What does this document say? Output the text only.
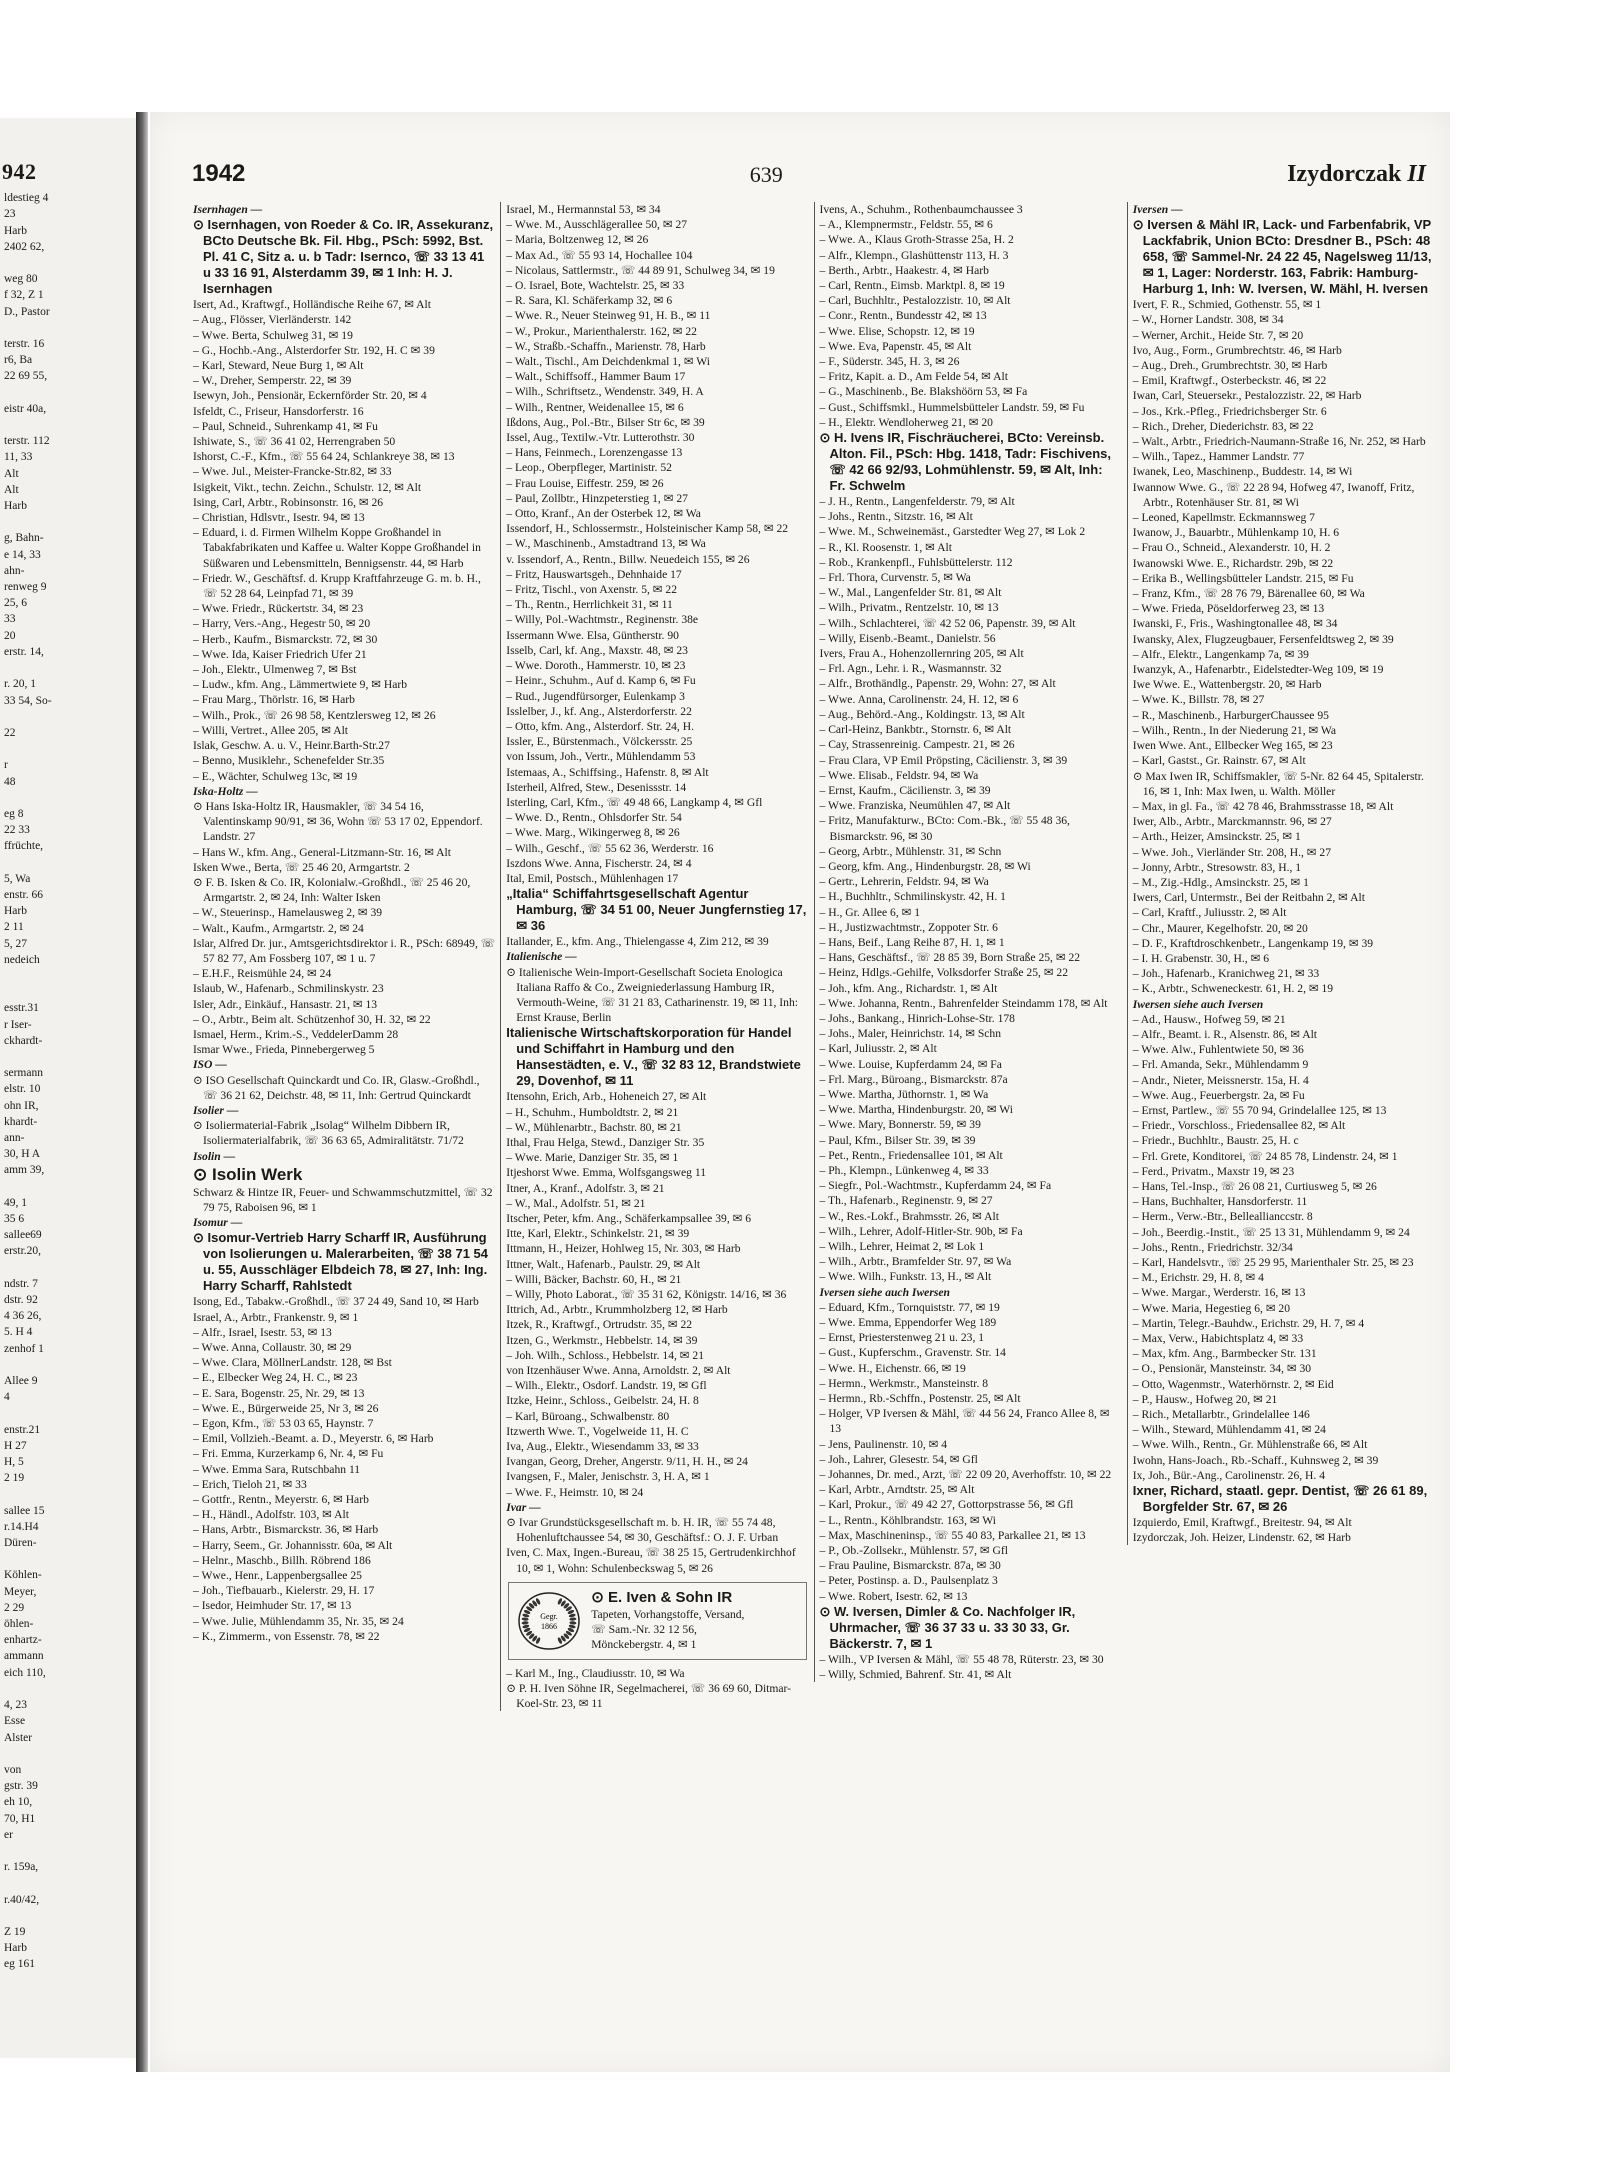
942
ldestieg 4
23
Harb
2402 62,

weg 80
f 32, Z 1
D., Pastor

terstr. 16
r6, Ba
22 69 55,

eistr 40a,

terstr. 112
11, 33
Alt
Alt
Harb

g, Bahn-
e 14, 33
ahn-
renweg 9
25, 6
33
20
erstr. 14,

r. 20, 1
33 54, So-

22

r
48

eg 8
22 33
ffrüchte,

5, Wa
enstr. 66
Harb
2 11
5, 27
nedeich

esstr.31
r Iser-
ckhardt-

sermann
elstr. 10
ohn IR,
khardt-
ann-
30, H A
amm 39,

49, 1
35 6
sallee69
erstr.20,

ndstr. 7
dstr. 92
4 36 26,
5. H 4
zenhof 1

Allee 9
4

enstr.21
H 27
H, 5
2 19

sallee 15
r.14.H4
Düren-

Köhlen-
Meyer,
2 29
öhlen-
enhartz-
ammann
eich 110,

4, 23
Esse
Alster

von
gstr. 39
eh 10,
70, H1
er

r. 159a,

r.40/42,

Z 19
Harb
eg 161
1942	639	Izydorczak II

Isernhagen —

⊙ Isernhagen, von Roeder & Co. IR, Assekuranz, BCto Deutsche Bk. Fil. Hbg., PSch: 5992, Bst. Pl. 41 C, Sitz a. u. b Tadr: Isernco, ☏ 33 13 41 u 33 16 91, Alsterdamm 39, ✉ 1 Inh: H. J. Isernhagen

Isert, Ad., Kraftwgf., Holländische Reihe 67, ✉ Alt

– Aug., Flösser, Vierländerstr. 142

– Wwe. Berta, Schulweg 31, ✉ 19

– G., Hochb.-Ang., Alsterdorfer Str. 192, H. C ✉ 39

– Karl, Steward, Neue Burg 1, ✉ Alt

– W., Dreher, Semperstr. 22, ✉ 39

Isewyn, Joh., Pensionär, Eckernförder Str. 20, ✉ 4

Isfeldt, C., Friseur, Hansdorferstr. 16

– Paul, Schneid., Suhrenkamp 41, ✉ Fu

Ishiwate, S., ☏ 36 41 02, Herrengraben 50

Ishorst, C.-F., Kfm., ☏ 55 64 24, Schlankreye 38, ✉ 13

– Wwe. Jul., Meister-Francke-Str.82, ✉ 33

Isigkeit, Vikt., techn. Zeichn., Schulstr. 12, ✉ Alt

Ising, Carl, Arbtr., Robinsonstr. 16, ✉ 26

– Christian, Hdlsvtr., Isestr. 94, ✉ 13

– Eduard, i. d. Firmen Wilhelm Koppe Großhandel in Tabakfabrikaten und Kaffee u. Walter Koppe Großhandel in Süßwaren und Lebensmitteln, Bennigsenstr. 44, ✉ Harb

– Friedr. W., Geschäftsf. d. Krupp Kraftfahrzeuge G. m. b. H., ☏ 52 28 64, Leinpfad 71, ✉ 39

– Wwe. Friedr., Rückertstr. 34, ✉ 23

– Harry, Vers.-Ang., Hegestr 50, ✉ 20

– Herb., Kaufm., Bismarckstr. 72, ✉ 30

– Wwe. Ida, Kaiser Friedrich Ufer 21

– Joh., Elektr., Ulmenweg 7, ✉ Bst

– Ludw., kfm. Ang., Lämmertwiete 9, ✉ Harb

– Frau Marg., Thörlstr. 16, ✉ Harb

– Wilh., Prok., ☏ 26 98 58, Kentzlersweg 12, ✉ 26

– Willi, Vertret., Allee 205, ✉ Alt

Islak, Geschw. A. u. V., Heinr.Barth-Str.27

– Benno, Musiklehr., Schenefelder Str.35

– E., Wächter, Schulweg 13c, ✉ 19

Iska-Holtz —

⊙ Hans Iska-Holtz IR, Hausmakler, ☏ 34 54 16, Valentinskamp 90/91, ✉ 36, Wohn ☏ 53 17 02, Eppendorf. Landstr. 27

– Hans W., kfm. Ang., General-Litzmann-Str. 16, ✉ Alt

Isken Wwe., Berta, ☏ 25 46 20, Armgartstr. 2

⊙ F. B. Isken & Co. IR, Kolonialw.-Großhdl., ☏ 25 46 20, Armgartstr. 2, ✉ 24, Inh: Walter Isken

– W., Steuerinsp., Hamelausweg 2, ✉ 39

– Walt., Kaufm., Armgartstr. 2, ✉ 24

Islar, Alfred Dr. jur., Amtsgerichtsdirektor i. R., PSch: 68949, ☏ 57 82 77, Am Fossberg 107, ✉ 1 u. 7

– E.H.F., Reismühle 24, ✉ 24

Islaub, W., Hafenarb., Schmilinskystr. 23

Isler, Adr., Einkäuf., Hansastr. 21, ✉ 13

– O., Arbtr., Beim alt. Schützenhof 30, H. 32, ✉ 22

Ismael, Herm., Krim.-S., VeddelerDamm 28

Ismar Wwe., Frieda, Pinnebergerweg 5

ISO —

⊙ ISO Gesellschaft Quinckardt und Co. IR, Glasw.-Großhdl., ☏ 36 21 62, Deichstr. 48, ✉ 11, Inh: Gertrud Quinckardt

Isolier —

⊙ Isoliermaterial-Fabrik „Isolag“ Wilhelm Dibbern IR, Isoliermaterialfabrik, ☏ 36 63 65, Admiralitätstr. 71/72

Isolin —

⊙ Isolin Werk

Schwarz & Hintze IR, Feuer- und Schwammschutzmittel, ☏ 32 79 75, Raboisen 96, ✉ 1

Isomur —

⊙ Isomur-Vertrieb Harry Scharff IR, Ausführung von Isolierungen u. Malerarbeiten, ☏ 38 71 54 u. 55, Ausschläger Elbdeich 78, ✉ 27, Inh: Ing. Harry Scharff, Rahlstedt

Isong, Ed., Tabakw.-Großhdl., ☏ 37 24 49, Sand 10, ✉ Harb

Israel, A., Arbtr., Frankenstr. 9, ✉ 1

– Alfr., Israel, Isestr. 53, ✉ 13

– Wwe. Anna, Collaustr. 30, ✉ 29

– Wwe. Clara, MöllnerLandstr. 128, ✉ Bst

– E., Elbecker Weg 24, H. C., ✉ 23

– E. Sara, Bogenstr. 25, Nr. 29, ✉ 13

– Wwe. E., Bürgerweide 25, Nr 3, ✉ 26

– Egon, Kfm., ☏ 53 03 65, Haynstr. 7

– Emil, Vollzieh.-Beamt. a. D., Meyerstr. 6, ✉ Harb

– Fri. Emma, Kurzerkamp 6, Nr. 4, ✉ Fu

– Wwe. Emma Sara, Rutschbahn 11

– Erich, Tieloh 21, ✉ 33

– Gottfr., Rentn., Meyerstr. 6, ✉ Harb

– H., Händl., Adolfstr. 103, ✉ Alt

– Hans, Arbtr., Bismarckstr. 36, ✉ Harb

– Harry, Seem., Gr. Johannisstr. 60a, ✉ Alt

– Helnr., Maschb., Billh. Röbrend 186

– Wwe., Henr., Lappenbergsallee 25

– Joh., Tiefbauarb., Kielerstr. 29, H. 17

– Isedor, Heimhuder Str. 17, ✉ 13

– Wwe. Julie, Mühlendamm 35, Nr. 35, ✉ 24

– K., Zimmerm., von Essenstr. 78, ✉ 22

Israel, M., Hermannstal 53, ✉ 34

– Wwe. M., Ausschlägerallee 50, ✉ 27

– Maria, Boltzenweg 12, ✉ 26

– Max Ad., ☏ 55 93 14, Hochallee 104

– Nicolaus, Sattlermstr., ☏ 44 89 91, Schulweg 34, ✉ 19

– O. Israel, Bote, Wachtelstr. 25, ✉ 33

– R. Sara, Kl. Schäferkamp 32, ✉ 6

– Wwe. R., Neuer Steinweg 91, H. B., ✉ 11

– W., Prokur., Marienthalerstr. 162, ✉ 22

– W., Straßb.-Schaffn., Marienstr. 78, Harb

– Walt., Tischl., Am Deichdenkmal 1, ✉ Wi

– Walt., Schiffsoff., Hammer Baum 17

– Wilh., Schriftsetz., Wendenstr. 349, H. A

– Wilh., Rentner, Weidenallee 15, ✉ 6

Ißdons, Aug., Pol.-Btr., Bilser Str 6c, ✉ 39

Issel, Aug., Textilw.-Vtr. Lutterothstr. 30

– Hans, Feinmech., Lorenzengasse 13

– Leop., Oberpfleger, Martinistr. 52

– Frau Louise, Eiffestr. 259, ✉ 26

– Paul, Zollbtr., Hinzpeterstieg 1, ✉ 27

– Otto, Kranf., An der Osterbek 12, ✉ Wa

Issendorf, H., Schlossermstr., Holsteinischer Kamp 58, ✉ 22

– W., Maschinenb., Amstadtrand 13, ✉ Wa

v. Issendorf, A., Rentn., Billw. Neuedeich 155, ✉ 26

– Fritz, Hauswartsgeh., Dehnhaide 17

– Fritz, Tischl., von Axenstr. 5, ✉ 22

– Th., Rentn., Herrlichkeit 31, ✉ 11

– Willy, Pol.-Wachtmstr., Reginenstr. 38e

Issermann Wwe. Elsa, Güntherstr. 90

Isselb, Carl, kf. Ang., Maxstr. 48, ✉ 23

– Wwe. Doroth., Hammerstr. 10, ✉ 23

– Heinr., Schuhm., Auf d. Kamp 6, ✉ Fu

– Rud., Jugendfürsorger, Eulenkamp 3

Isslelber, J., kf. Ang., Alsterdorferstr. 22

– Otto, kfm. Ang., Alsterdorf. Str. 24, H.

Issler, E., Bürstenmach., Völckersstr. 25

von Issum, Joh., Vertr., Mühlendamm 53

Istemaas, A., Schiffsing., Hafenstr. 8, ✉ Alt

Isterheil, Alfred, Stew., Desenissstr. 14

Isterling, Carl, Kfm., ☏ 49 48 66, Langkamp 4, ✉ Gfl

– Wwe. D., Rentn., Ohlsdorfer Str. 54

– Wwe. Marg., Wikingerweg 8, ✉ 26

– Wilh., Geschf., ☏ 55 62 36, Werderstr. 16

Iszdons Wwe. Anna, Fischerstr. 24, ✉ 4

Ital, Emil, Postsch., Mühlenhagen 17

„Italia“ Schiffahrtsgesellschaft Agentur Hamburg, ☏ 34 51 00, Neuer Jungfernstieg 17, ✉ 36

Itallander, E., kfm. Ang., Thielengasse 4, Zim 212, ✉ 39

Italienische —

⊙ Italienische Wein-Import-Gesellschaft Societa Enologica Italiana Raffo & Co., Zweigniederlassung Hamburg IR, Vermouth-Weine, ☏ 31 21 83, Catharinenstr. 19, ✉ 11, Inh: Ernst Krause, Berlin

Italienische Wirtschaftskorporation für Handel und Schiffahrt in Hamburg und den Hansestädten, e. V., ☏ 32 83 12, Brandstwiete 29, Dovenhof, ✉ 11

Itensohn, Erich, Arb., Hoheneich 27, ✉ Alt

– H., Schuhm., Humboldtstr. 2, ✉ 21

– W., Mühlenarbtr., Bachstr. 80, ✉ 21

Ithal, Frau Helga, Stewd., Danziger Str. 35

– Wwe. Marie, Danziger Str. 35, ✉ 1

Itjeshorst Wwe. Emma, Wolfsgangsweg 11

Itner, A., Kranf., Adolfstr. 3, ✉ 21

– W., Mal., Adolfstr. 51, ✉ 21

Itscher, Peter, kfm. Ang., Schäferkampsallee 39, ✉ 6

Itte, Karl, Elektr., Schinkelstr. 21, ✉ 39

Ittmann, H., Heizer, Hohlweg 15, Nr. 303, ✉ Harb

Ittner, Walt., Hafenarb., Paulstr. 29, ✉ Alt

– Willi, Bäcker, Bachstr. 60, H., ✉ 21

– Willy, Photo Laborat., ☏ 35 31 62, Königstr. 14/16, ✉ 36

Ittrich, Ad., Arbtr., Krummholzberg 12, ✉ Harb

Itzek, R., Kraftwgf., Ortrudstr. 35, ✉ 22

Itzen, G., Werkmstr., Hebbelstr. 14, ✉ 39

– Joh. Wilh., Schloss., Hebbelstr. 14, ✉ 21

von Itzenhäuser Wwe. Anna, Arnoldstr. 2, ✉ Alt

– Wilh., Elektr., Osdorf. Landstr. 19, ✉ Gfl

Itzke, Heinr., Schloss., Geibelstr. 24, H. 8

– Karl, Büroang., Schwalbenstr. 80

Itzwerth Wwe. T., Vogelweide 11, H. C

Iva, Aug., Elektr., Wiesendamm 33, ✉ 33

Ivangan, Georg, Dreher, Angerstr. 9/11, H. H., ✉ 24

Ivangsen, F., Maler, Jenischstr. 3, H. A, ✉ 1

– Wwe. F., Heimstr. 10, ✉ 24

Ivar —

⊙ Ivar Grundstücksgesellschaft m. b. H. IR, ☏ 55 74 48, Hohenluftchaussee 54, ✉ 30, Geschäftsf.: O. J. F. Urban

Iven, C. Max, Ingen.-Bureau, ☏ 38 25 15, Gertrudenkirchhof 10, ✉ 1, Wohn: Schulenbeckswag 5, ✉ 26

Gegr. 1866
⊙ E. Iven & Sohn IR
Tapeten, Vorhangstoffe, Versand,
☏ Sam.-Nr. 32 12 56,
Mönckebergstr. 4, ✉ 1

– Karl M., Ing., Claudiusstr. 10, ✉ Wa

⊙ P. H. Iven Söhne IR, Segelmacherei, ☏ 36 69 60, Ditmar-Koel-Str. 23, ✉ 11

Ivens, A., Schuhm., Rothenbaumchaussee 3

– A., Klempnermstr., Feldstr. 55, ✉ 6

– Wwe. A., Klaus Groth-Strasse 25a, H. 2

– Alfr., Klempn., Glashüttenstr 113, H. 3

– Berth., Arbtr., Haakestr. 4, ✉ Harb

– Carl, Rentn., Eimsb. Marktpl. 8, ✉ 19

– Carl, Buchhltr., Pestalozzistr. 10, ✉ Alt

– Conr., Rentn., Bundesstr 42, ✉ 13

– Wwe. Elise, Schopstr. 12, ✉ 19

– Wwe. Eva, Papenstr. 45, ✉ Alt

– F., Süderstr. 345, H. 3, ✉ 26

– Fritz, Kapit. a. D., Am Felde 54, ✉ Alt

– G., Maschinenb., Be. Blakshöörn 53, ✉ Fa

– Gust., Schiffsmkl., Hummelsbütteler Landstr. 59, ✉ Fu

– H., Elektr. Wendloherweg 21, ✉ 20

⊙ H. Ivens IR, Fischräucherei, BCto: Vereinsb. Alton. Fil., PSch: Hbg. 1418, Tadr: Fischivens, ☏ 42 66 92/93, Lohmühlenstr. 59, ✉ Alt, Inh: Fr. Schwelm

– J. H., Rentn., Langenfelderstr. 79, ✉ Alt

– Johs., Rentn., Sitzstr. 16, ✉ Alt

– Wwe. M., Schweinemäst., Garstedter Weg 27, ✉ Lok 2

– R., Kl. Roosenstr. 1, ✉ Alt

– Rob., Krankenpfl., Fuhlsbüttelerstr. 112

– Frl. Thora, Curvenstr. 5, ✉ Wa

– W., Mal., Langenfelder Str. 81, ✉ Alt

– Wilh., Privatm., Rentzelstr. 10, ✉ 13

– Wilh., Schlachterei, ☏ 42 52 06, Papenstr. 39, ✉ Alt

– Willy, Eisenb.-Beamt., Danielstr. 56

Ivers, Frau A., Hohenzollernring 205, ✉ Alt

– Frl. Agn., Lehr. i. R., Wasmannstr. 32

– Alfr., Brothändlg., Papenstr. 29, Wohn: 27, ✉ Alt

– Wwe. Anna, Carolinenstr. 24, H. 12, ✉ 6

– Aug., Behörd.-Ang., Koldingstr. 13, ✉ Alt

– Carl-Heinz, Bankbtr., Stornstr. 6, ✉ Alt

– Cay, Strassenreinig. Campestr. 21, ✉ 26

– Frau Clara, VP Emil Pröpsting, Cäcilienstr. 3, ✉ 39

– Wwe. Elisab., Feldstr. 94, ✉ Wa

– Ernst, Kaufm., Cäcilienstr. 3, ✉ 39

– Wwe. Franziska, Neumühlen 47, ✉ Alt

– Fritz, Manufakturw., BCto: Com.-Bk., ☏ 55 48 36, Bismarckstr. 96, ✉ 30

– Georg, Arbtr., Mühlenstr. 31, ✉ Schn

– Georg, kfm. Ang., Hindenburgstr. 28, ✉ Wi

– Gertr., Lehrerin, Feldstr. 94, ✉ Wa

– H., Buchhltr., Schmilinskystr. 42, H. 1

– H., Gr. Allee 6, ✉ 1

– H., Justizwachtmstr., Zoppoter Str. 6

– Hans, Beif., Lang Reihe 87, H. 1, ✉ 1

– Hans, Geschäftsf., ☏ 28 85 39, Born Straße 25, ✉ 22

– Heinz, Hdlgs.-Gehilfe, Volksdorfer Straße 25, ✉ 22

– Joh., kfm. Ang., Richardstr. 1, ✉ Alt

– Wwe. Johanna, Rentn., Bahrenfelder Steindamm 178, ✉ Alt

– Johs., Bankang., Hinrich-Lohse-Str. 178

– Johs., Maler, Heinrichstr. 14, ✉ Schn

– Karl, Juliusstr. 2, ✉ Alt

– Wwe. Louise, Kupferdamm 24, ✉ Fa

– Frl. Marg., Büroang., Bismarckstr. 87a

– Wwe. Martha, Jüthornstr. 1, ✉ Wa

– Wwe. Martha, Hindenburgstr. 20, ✉ Wi

– Wwe. Mary, Bonnerstr. 59, ✉ 39

– Paul, Kfm., Bilser Str. 39, ✉ 39

– Pet., Rentn., Friedensallee 101, ✉ Alt

– Ph., Klempn., Lünkenweg 4, ✉ 33

– Siegfr., Pol.-Wachtmstr., Kupferdamm 24, ✉ Fa

– Th., Hafenarb., Reginenstr. 9, ✉ 27

– W., Res.-Lokf., Brahmsstr. 26, ✉ Alt

– Wilh., Lehrer, Adolf-Hitler-Str. 90b, ✉ Fa

– Wilh., Lehrer, Heimat 2, ✉ Lok 1

– Wilh., Arbtr., Bramfelder Str. 97, ✉ Wa

– Wwe. Wilh., Funkstr. 13, H., ✉ Alt

Iversen siehe auch Iwersen

– Eduard, Kfm., Tornquiststr. 77, ✉ 19

– Wwe. Emma, Eppendorfer Weg 189

– Ernst, Priesterstenweg 21 u. 23, 1

– Gust., Kupferschm., Gravenstr. Str. 14

– Wwe. H., Eichenstr. 66, ✉ 19

– Hermn., Werkmstr., Mansteinstr. 8

– Hermn., Rb.-Schffn., Postenstr. 25, ✉ Alt

– Holger, VP Iversen & Mähl, ☏ 44 56 24, Franco Allee 8, ✉ 13

– Jens, Paulinenstr. 10, ✉ 4

– Joh., Lahrer, Glesestr. 54, ✉ Gfl

– Johannes, Dr. med., Arzt, ☏ 22 09 20, Averhoffstr. 10, ✉ 22

– Karl, Arbtr., Arndtstr. 25, ✉ Alt

– Karl, Prokur., ☏ 49 42 27, Gottorpstrasse 56, ✉ Gfl

– L., Rentn., Köhlbrandstr. 163, ✉ Wi

– Max, Maschineninsp., ☏ 55 40 83, Parkallee 21, ✉ 13

– P., Ob.-Zollsekr., Mühlenstr. 57, ✉ Gfl

– Frau Pauline, Bismarckstr. 87a, ✉ 30

– Peter, Postinsp. a. D., Paulsenplatz 3

– Wwe. Robert, Isestr. 62, ✉ 13

⊙ W. Iversen, Dimler & Co. Nachfolger IR, Uhrmacher, ☏ 36 37 33 u. 33 30 33, Gr. Bäckerstr. 7, ✉ 1

– Wilh., VP Iversen & Mähl, ☏ 55 48 78, Rüterstr. 23, ✉ 30

– Willy, Schmied, Bahrenf. Str. 41, ✉ Alt

Iversen —

⊙ Iversen & Mähl IR, Lack- und Farbenfabrik, VP Lackfabrik, Union BCto: Dresdner B., PSch: 48 658, ☏ Sammel-Nr. 24 22 45, Nagelsweg 11/13, ✉ 1, Lager: Norderstr. 163, Fabrik: Hamburg-Harburg 1, Inh: W. Iversen, W. Mähl, H. Iversen

Ivert, F. R., Schmied, Gothenstr. 55, ✉ 1

– W., Horner Landstr. 308, ✉ 34

– Werner, Archit., Heide Str. 7, ✉ 20

Ivo, Aug., Form., Grumbrechtstr. 46, ✉ Harb

– Aug., Dreh., Grumbrechtstr. 30, ✉ Harb

– Emil, Kraftwgf., Osterbeckstr. 46, ✉ 22

Iwan, Carl, Steuersekr., Pestalozzistr. 22, ✉ Harb

– Jos., Krk.-Pfleg., Friedrichsberger Str. 6

– Rich., Dreher, Diederichstr. 83, ✉ 22

– Walt., Arbtr., Friedrich-Naumann-Straße 16, Nr. 252, ✉ Harb

– Wilh., Tapez., Hammer Landstr. 77

Iwanek, Leo, Maschinenp., Buddestr. 14, ✉ Wi

Iwannow Wwe. G., ☏ 22 28 94, Hofweg 47, Iwanoff, Fritz, Arbtr., Rotenhäuser Str. 81, ✉ Wi

– Leoned, Kapellmstr. Eckmannsweg 7

Iwanow, J., Bauarbtr., Mühlenkamp 10, H. 6

– Frau O., Schneid., Alexanderstr. 10, H. 2

Iwanowski Wwe. E., Richardstr. 29b, ✉ 22

– Erika B., Wellingsbütteler Landstr. 215, ✉ Fu

– Franz, Kfm., ☏ 28 76 79, Bärenallee 60, ✉ Wa

– Wwe. Frieda, Pöseldorferweg 23, ✉ 13

Iwanski, F., Fris., Washingtonallee 48, ✉ 34

Iwansky, Alex, Flugzeugbauer, Fersenfeldtsweg 2, ✉ 39

– Alfr., Elektr., Langenkamp 7a, ✉ 39

Iwanzyk, A., Hafenarbtr., Eidelstedter-Weg 109, ✉ 19

Iwe Wwe. E., Wattenbergstr. 20, ✉ Harb

– Wwe. K., Billstr. 78, ✉ 27

– R., Maschinenb., HarburgerChaussee 95

– Wilh., Rentn., In der Niederung 21, ✉ Wa

Iwen Wwe. Ant., Ellbecker Weg 165, ✉ 23

– Karl, Gastst., Gr. Rainstr. 67, ✉ Alt

⊙ Max Iwen IR, Schiffsmakler, ☏ 5-Nr. 82 64 45, Spitalerstr. 16, ✉ 1, Inh: Max Iwen, u. Walth. Möller

– Max, in gl. Fa., ☏ 42 78 46, Brahmsstrasse 18, ✉ Alt

Iwer, Alb., Arbtr., Marckmannstr. 96, ✉ 27

– Arth., Heizer, Amsinckstr. 25, ✉ 1

– Wwe. Joh., Vierländer Str. 208, H., ✉ 27

– Jonny, Arbtr., Stresowstr. 83, H., 1

– M., Zig.-Hdlg., Amsinckstr. 25, ✉ 1

Iwers, Carl, Untermstr., Bei der Reitbahn 2, ✉ Alt

– Carl, Kraftf., Juliusstr. 2, ✉ Alt

– Chr., Maurer, Kegelhofstr. 20, ✉ 20

– D. F., Kraftdroschkenbetr., Langenkamp 19, ✉ 39

– I. H. Grabenstr. 30, H., ✉ 6

– Joh., Hafenarb., Kranichweg 21, ✉ 33

– K., Arbtr., Schweneckestr. 61, H. 2, ✉ 19

Iwersen siehe auch Iversen

– Ad., Hausw., Hofweg 59, ✉ 21

– Alfr., Beamt. i. R., Alsenstr. 86, ✉ Alt

– Wwe. Alw., Fuhlentwiete 50, ✉ 36

– Frl. Amanda, Sekr., Mühlendamm 9

– Andr., Nieter, Meissnerstr. 15a, H. 4

– Wwe. Aug., Feuerbergstr. 2a, ✉ Fu

– Ernst, Partlew., ☏ 55 70 94, Grindelallee 125, ✉ 13

– Friedr., Vorschloss., Friedensallee 82, ✉ Alt

– Friedr., Buchhltr., Baustr. 25, H. c

– Frl. Grete, Konditorei, ☏ 24 85 78, Lindenstr. 24, ✉ 1

– Ferd., Privatm., Maxstr 19, ✉ 23

– Hans, Tel.-Insp., ☏ 26 08 21, Curtiusweg 5, ✉ 26

– Hans, Buchhalter, Hansdorferstr. 11

– Herm., Verw.-Btr., Belleallianccstr. 8

– Joh., Beerdig.-Instit., ☏ 25 13 31, Mühlendamm 9, ✉ 24

– Johs., Rentn., Friedrichstr. 32/34

– Karl, Handelsvtr., ☏ 25 29 95, Marienthaler Str. 25, ✉ 23

– M., Erichstr. 29, H. 8, ✉ 4

– Wwe. Margar., Werderstr. 16, ✉ 13

– Wwe. Maria, Hegestieg 6, ✉ 20

– Martin, Telegr.-Bauhdw., Erichstr. 29, H. 7, ✉ 4

– Max, Verw., Habichtsplatz 4, ✉ 33

– Max, kfm. Ang., Barmbecker Str. 131

– O., Pensionär, Mansteinstr. 34, ✉ 30

– Otto, Wagenmstr., Waterhörnstr. 2, ✉ Eid

– P., Hausw., Hofweg 20, ✉ 21

– Rich., Metallarbtr., Grindelallee 146

– Wilh., Steward, Mühlendamm 41, ✉ 24

– Wwe. Wilh., Rentn., Gr. Mühlenstraße 66, ✉ Alt

Iwohn, Hans-Joach., Rb.-Schaff., Kuhnsweg 2, ✉ 39

Ix, Joh., Bür.-Ang., Carolinenstr. 26, H. 4

Ixner, Richard, staatl. gepr. Dentist, ☏ 26 61 89, Borgfelder Str. 67, ✉ 26

Izquierdo, Emil, Kraftwgf., Breitestr. 94, ✉ Alt

Izydorczak, Joh. Heizer, Lindenstr. 62, ✉ Harb
